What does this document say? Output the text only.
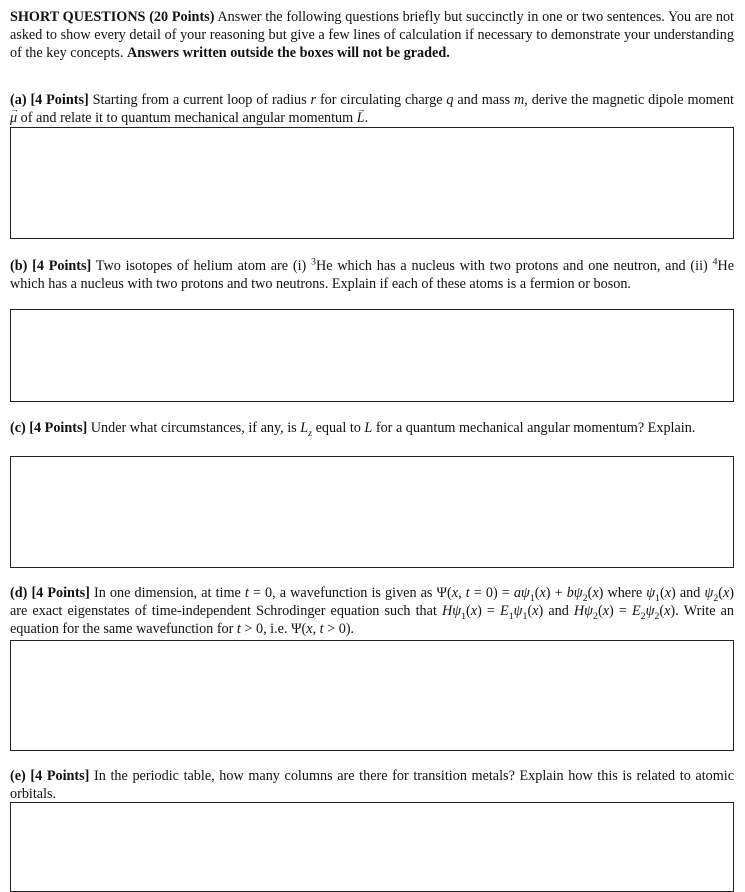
SHORT QUESTIONS (20 Points) Answer the following questions briefly but succinctly in one or two sentences. You are not asked to show every detail of your reasoning but give a few lines of calculation if necessary to demonstrate your understanding of the key concepts. Answers written outside the boxes will not be graded.
(a) [4 Points] Starting from a current loop of radius r for circulating charge q and mass m, derive the magnetic dipole moment μ → of and relate it to quantum mechanical angular momentum L →.
(b) [4 Points] Two isotopes of helium atom are (i) $^3$He which has a nucleus with two protons and one neutron, and (ii) $^4$He which has a nucleus with two protons and two neutrons. Explain if each of these atoms is a fermion or boson.
(c) [4 Points] Under what circumstances, if any, is $L_z$ equal to L for a quantum mechanical angular momentum? Explain.
(d) [4 Points] In one dimension, at time t = 0, a wavefunction is given as Ψ(x, $t = 0) = a\psi_1(x) + b\psi_2(x)$ where $\psi_1(x)$ and $\psi_2(x)$ are exact eigenstates of time-independent Schrodinger equation such that $H\psi_1(x) = E_1\psi_1(x)$ and $H\psi_2(x) = E_2\psi_2(x)$. Write an equation for the same wavefunction for t > 0, i.e. Ψ(x, t > 0).
(e) [4 Points] In the periodic table, how many columns are there for transition metals? Explain how this is related to atomic orbitals.
